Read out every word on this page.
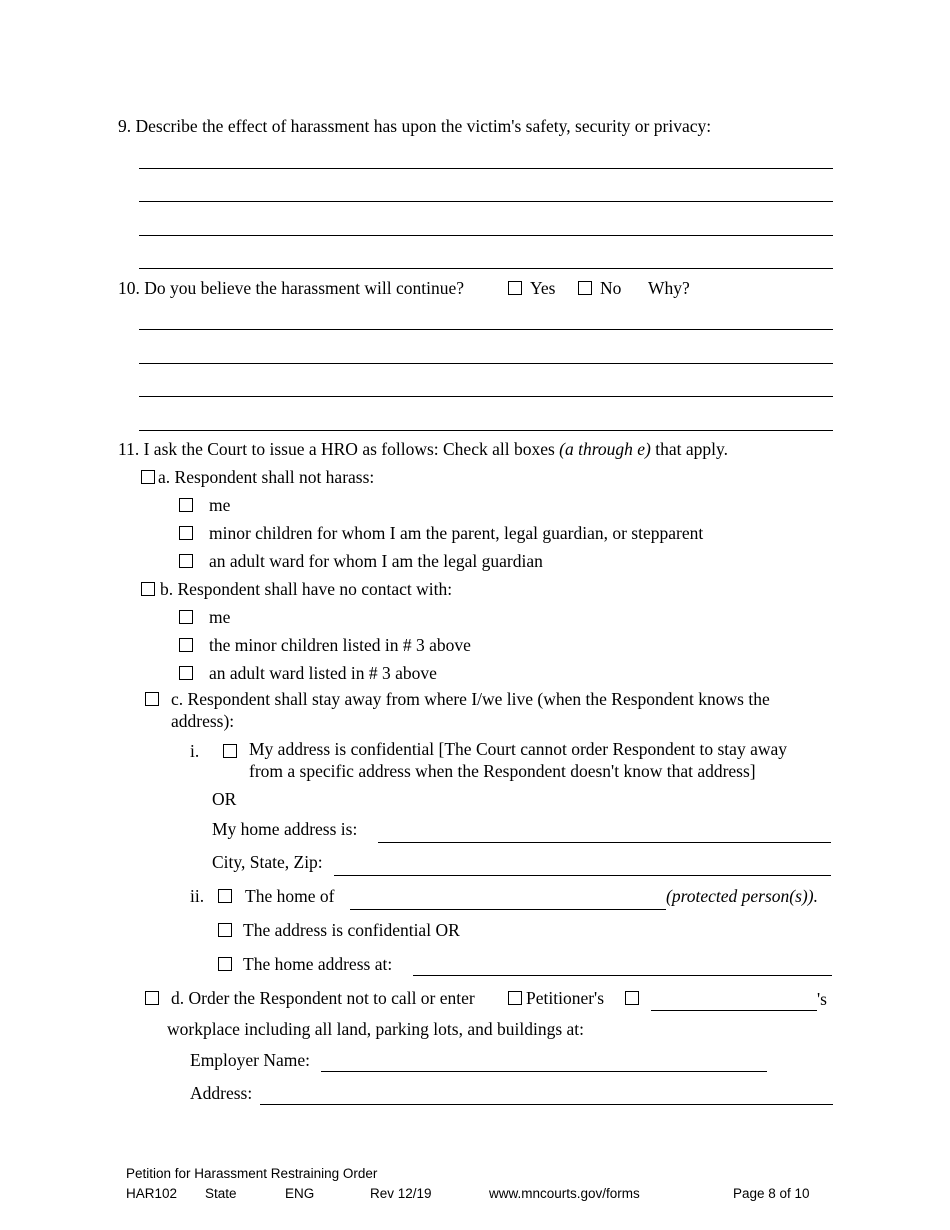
9. Describe the effect of harassment has upon the victim's safety, security or privacy:
10. Do you believe the harassment will continue?	Yes	No Why?
11. I ask the Court to issue a HRO as follows: Check all boxes (a through e) that apply.
a. Respondent shall not harass:
me
minor children for whom I am the parent, legal guardian, or stepparent
an adult ward for whom I am the legal guardian
b. Respondent shall have no contact with:
me
the minor children listed in # 3 above
an adult ward listed in # 3 above
c. Respondent shall stay away from where I/we live (when the Respondent knows the
address):
i.	My address is confidential [The Court cannot order Respondent to stay away
from a specific address when the Respondent doesn't know that address]
OR
My home address is:
City, State, Zip:
ii. The home of	(protected person(s)).
The address is confidential OR
The home address at:
d. Order the Respondent not to call or enter	Petitioner's	's
workplace including all land, parking lots, and buildings at:
Employer Name:
Address:
Petition for Harassment Restraining Order
HAR102 State	ENG	Rev 12/19	www.mncourts.gov/forms	Page 8 of 10
